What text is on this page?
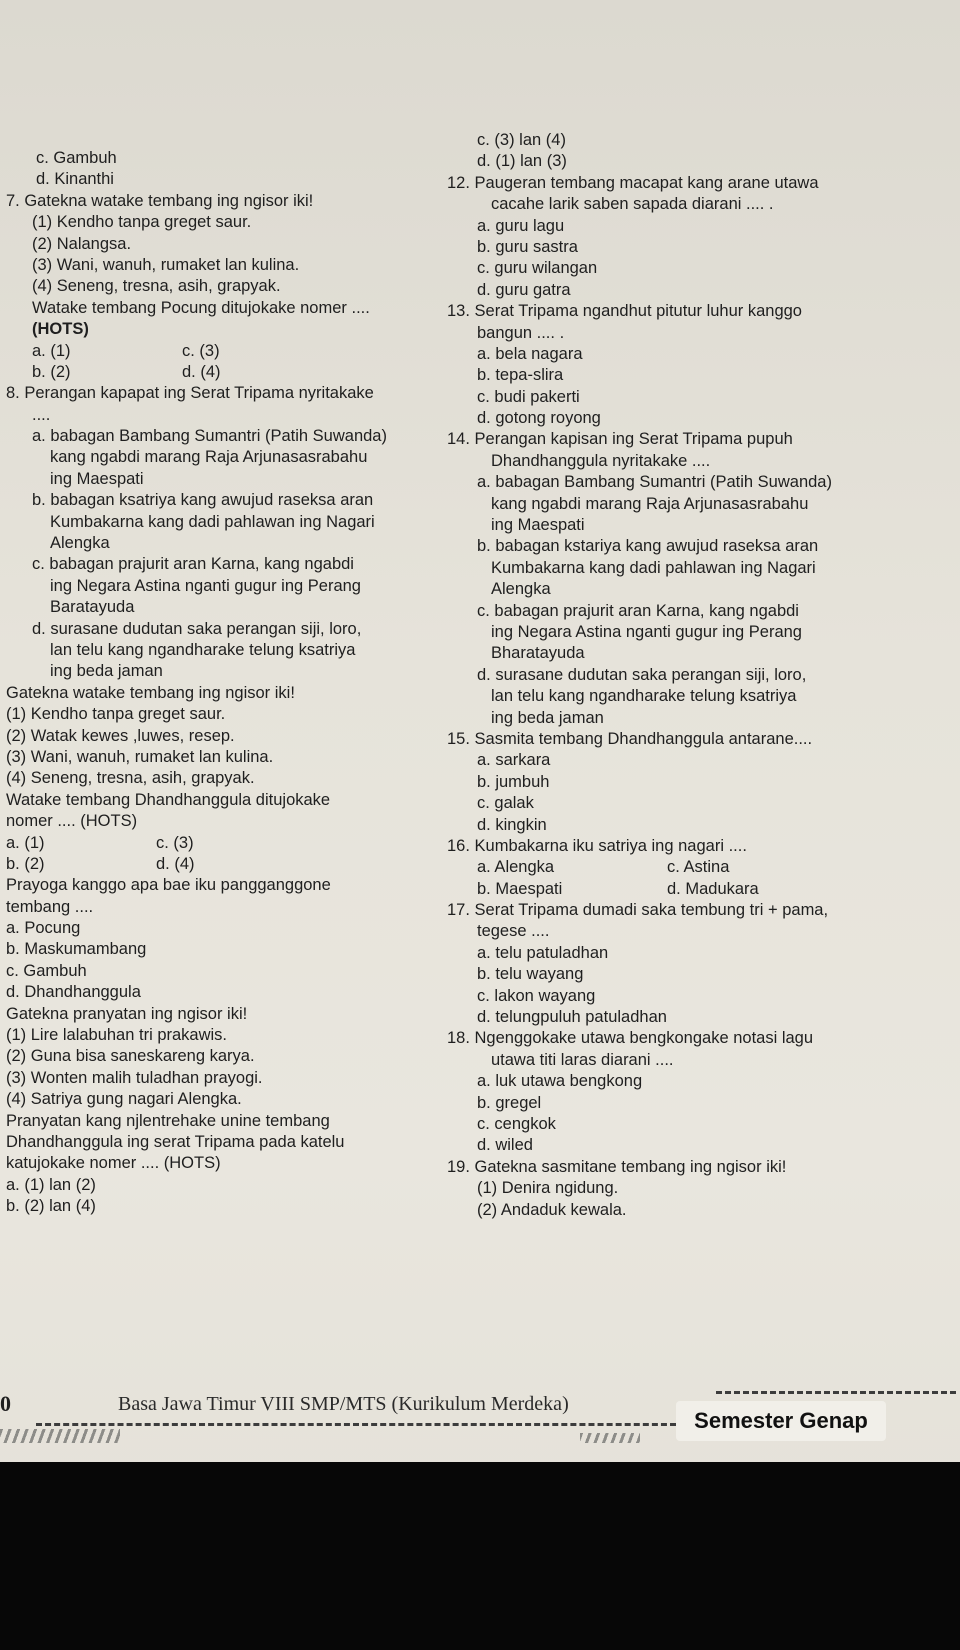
c. Gambuh
d. Kinanthi
7. Gatekna watake tembang ing ngisor iki!
(1) Kendho tanpa greget saur.
(2) Nalangsa.
(3) Wani, wanuh, rumaket lan kulina.
(4) Seneng, tresna, asih, grapyak.
Watake tembang Pocung ditujokake nomer ....
(HOTS)
a. (1)	c. (3)
b. (2)	d. (4)
8. Perangan kapapat ing Serat Tripama nyritakake
....
a. babagan Bambang Sumantri (Patih Suwanda)
kang ngabdi marang Raja Arjunasasrabahu
ing Maespati
b. babagan ksatriya kang awujud raseksa aran
Kumbakarna kang dadi pahlawan ing Nagari
Alengka
c. babagan prajurit aran Karna, kang ngabdi
ing Negara Astina nganti gugur ing Perang
Baratayuda
d. surasane dudutan saka perangan siji, loro,
lan telu kang ngandharake telung ksatriya
ing beda jaman
Gatekna watake tembang ing ngisor iki!
(1) Kendho tanpa greget saur.
(2) Watak kewes ,luwes, resep.
(3) Wani, wanuh, rumaket lan kulina.
(4) Seneng, tresna, asih, grapyak.
Watake tembang Dhandhanggula ditujokake
nomer .... (HOTS)
a. (1)	c. (3)
b. (2)	d. (4)
Prayoga kanggo apa bae iku pangganggone
tembang ....
a. Pocung
b. Maskumambang
c. Gambuh
d. Dhandhanggula
Gatekna pranyatan ing ngisor iki!
(1) Lire lalabuhan tri prakawis.
(2) Guna bisa saneskareng karya.
(3) Wonten malih tuladhan prayogi.
(4) Satriya gung nagari Alengka.
Pranyatan kang njlentrehake unine tembang
Dhandhanggula ing serat Tripama pada katelu
katujokake nomer .... (HOTS)
a. (1) lan (2)
b. (2) lan (4)
c. (3) lan (4)
d. (1) lan (3)
12. Paugeran tembang macapat kang arane utawa
cacahe larik saben sapada diarani .... .
a. guru lagu
b. guru sastra
c. guru wilangan
d. guru gatra
13. Serat Tripama ngandhut pitutur luhur kanggo
bangun .... .
a. bela nagara
b. tepa-slira
c. budi pakerti
d. gotong royong
14. Perangan kapisan ing Serat Tripama pupuh
Dhandhanggula nyritakake ....
a. babagan Bambang Sumantri (Patih Suwanda)
kang ngabdi marang Raja Arjunasasrabahu
ing Maespati
b. babagan kstariya kang awujud raseksa aran
Kumbakarna kang dadi pahlawan ing Nagari
Alengka
c. babagan prajurit aran Karna, kang ngabdi
ing Negara Astina nganti gugur ing Perang
Bharatayuda
d. surasane dudutan saka perangan siji, loro,
lan telu kang ngandharake telung ksatriya
ing beda jaman
15. Sasmita tembang Dhandhanggula antarane....
a. sarkara
b. jumbuh
c. galak
d. kingkin
16. Kumbakarna iku satriya ing nagari ....
a. Alengka	c. Astina
b. Maespati	d. Madukara
17. Serat Tripama dumadi saka tembung tri + pama,
tegese ....
a. telu patuladhan
b. telu wayang
c. lakon wayang
d. telungpuluh patuladhan
18. Ngenggokake utawa bengkongake notasi lagu
utawa titi laras diarani ....
a. luk utawa bengkong
b. gregel
c. cengkok
d. wiled
19. Gatekna sasmitane tembang ing ngisor iki!
(1) Denira ngidung.
(2) Andaduk kewala.
0	Basa Jawa Timur VIII SMP/MTS (Kurikulum Merdeka)
Semester Genap
